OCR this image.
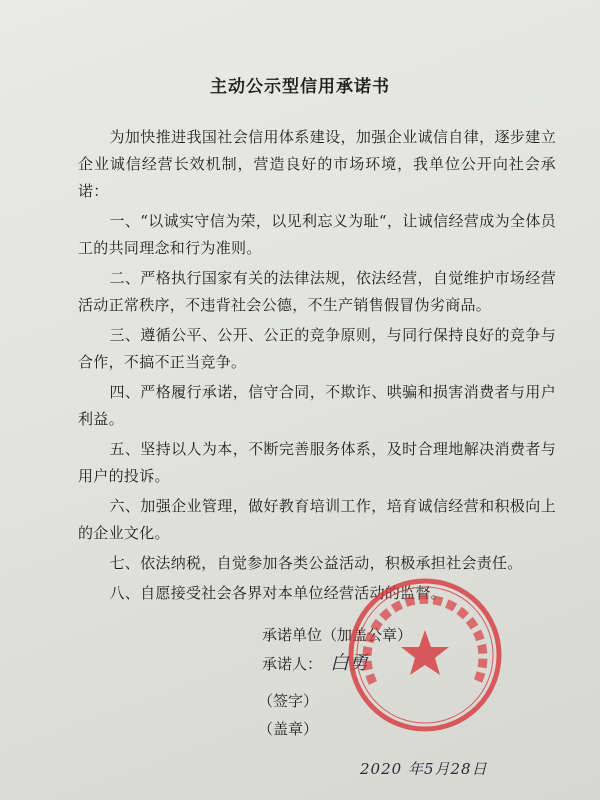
主动公示型信用承诺书

为加快推进我国社会信用体系建设，加强企业诚信自律，逐步建立企业诚信经营长效机制，营造良好的市场环境，我单位公开向社会承诺：

一、“以诚实守信为荣，以见利忘义为耻“，让诚信经营成为全体员工的共同理念和行为准则。

二、严格执行国家有关的法律法规，依法经营，自觉维护市场经营活动正常秩序，不违背社会公德，不生产销售假冒伪劣商品。

三、遵循公平、公开、公正的竞争原则，与同行保持良好的竞争与合作，不搞不正当竞争。

四、严格履行承诺，信守合同，不欺诈、哄骗和损害消费者与用户利益。

五、坚持以人为本，不断完善服务体系，及时合理地解决消费者与用户的投诉。

六、加强企业管理，做好教育培训工作，培育诚信经营和积极向上的企业文化。

七、依法纳税，自觉参加各类公益活动，积极承担社会责任。

八、自愿接受社会各界对本单位经营活动的监督。

承诺单位（加盖公章）
承诺人： 白勇
（签字）
（盖章）
2020 年5月28日
